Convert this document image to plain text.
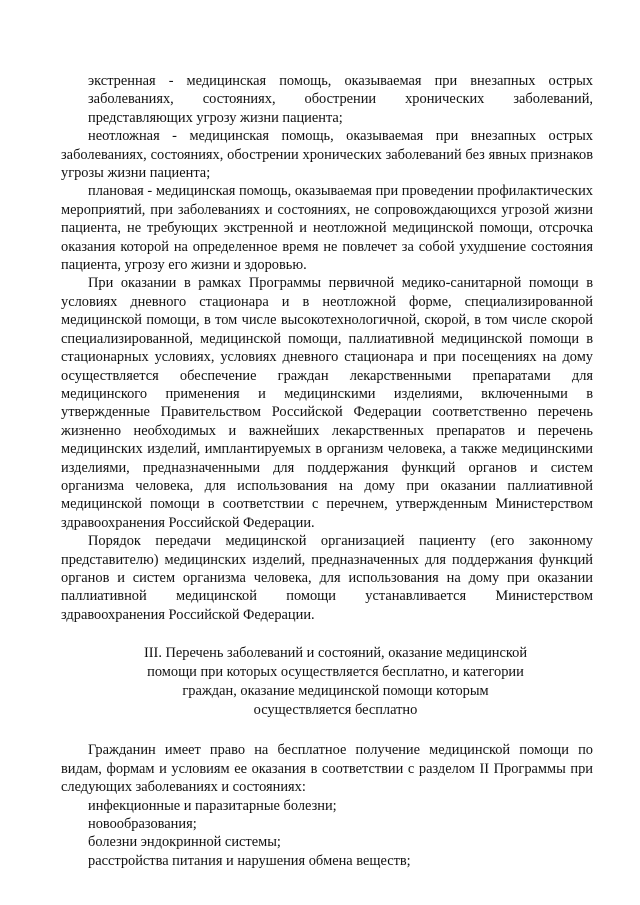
экстренная - медицинская помощь, оказываемая при внезапных острых заболеваниях, состояниях, обострении хронических заболеваний, представляющих угрозу жизни пациента;

неотложная - медицинская помощь, оказываемая при внезапных острых заболеваниях, состояниях, обострении хронических заболеваний без явных признаков угрозы жизни пациента;

плановая - медицинская помощь, оказываемая при проведении профилактических мероприятий, при заболеваниях и состояниях, не сопровождающихся угрозой жизни пациента, не требующих экстренной и неотложной медицинской помощи, отсрочка оказания которой на определенное время не повлечет за собой ухудшение состояния пациента, угрозу его жизни и здоровью.

При оказании в рамках Программы первичной медико-санитарной помощи в условиях дневного стационара и в неотложной форме, специализированной медицинской помощи, в том числе высокотехнологичной, скорой, в том числе скорой специализированной, медицинской помощи, паллиативной медицинской помощи в стационарных условиях, условиях дневного стационара и при посещениях на дому осуществляется обеспечение граждан лекарственными препаратами для медицинского применения и медицинскими изделиями, включенными в утвержденные Правительством Российской Федерации соответственно перечень жизненно необходимых и важнейших лекарственных препаратов и перечень медицинских изделий, имплантируемых в организм человека, а также медицинскими изделиями, предназначенными для поддержания функций органов и систем организма человека, для использования на дому при оказании паллиативной медицинской помощи в соответствии с перечнем, утвержденным Министерством здравоохранения Российской Федерации.

Порядок передачи медицинской организацией пациенту (его законному представителю) медицинских изделий, предназначенных для поддержания функций органов и систем организма человека, для использования на дому при оказании паллиативной медицинской помощи устанавливается Министерством здравоохранения Российской Федерации.

III. Перечень заболеваний и состояний, оказание медицинской
помощи при которых осуществляется бесплатно, и категории
граждан, оказание медицинской помощи которым
осуществляется бесплатно

Гражданин имеет право на бесплатное получение медицинской помощи по видам, формам и условиям ее оказания в соответствии с разделом II Программы при следующих заболеваниях и состояниях:

инфекционные и паразитарные болезни;
новообразования;
болезни эндокринной системы;
расстройства питания и нарушения обмена веществ;
